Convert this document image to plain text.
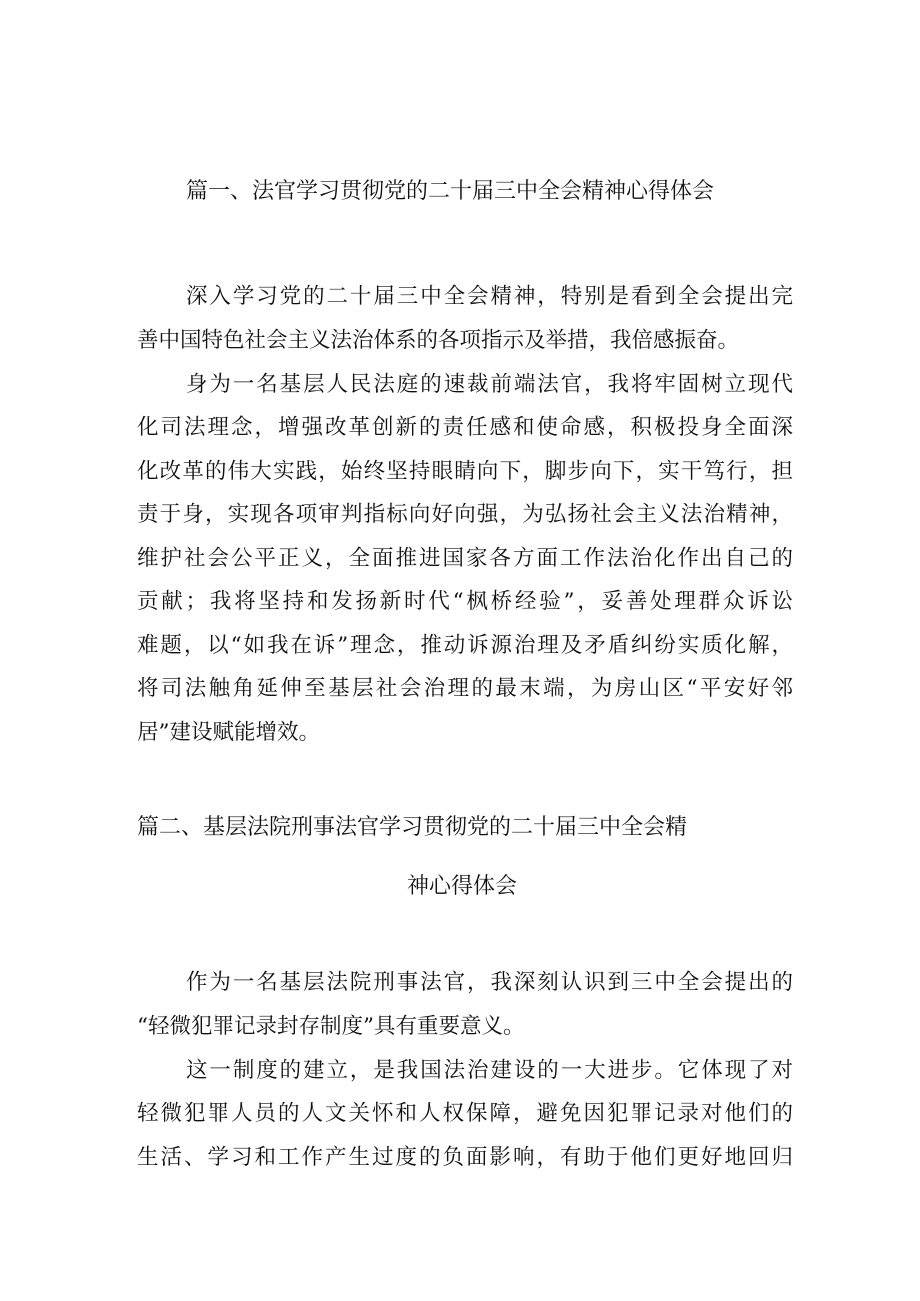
篇一、法官学习贯彻党的二十届三中全会精神心得体会
深入学习党的二十届三中全会精神，特别是看到全会提出完
善中国特色社会主义法治体系的各项指示及举措，我倍感振奋。
身为一名基层人民法庭的速裁前端法官，我将牢固树立现代
化司法理念，增强改革创新的责任感和使命感，积极投身全面深
化改革的伟大实践，始终坚持眼睛向下，脚步向下，实干笃行，担
责于身，实现各项审判指标向好向强，为弘扬社会主义法治精神，
维护社会公平正义，全面推进国家各方面工作法治化作出自己的
贡献；我将坚持和发扬新时代“枫桥经验”，妥善处理群众诉讼
难题，以“如我在诉”理念，推动诉源治理及矛盾纠纷实质化解，
将司法触角延伸至基层社会治理的最末端，为房山区“平安好邻
居”建设赋能增效。
篇二、基层法院刑事法官学习贯彻党的二十届三中全会精
神心得体会
作为一名基层法院刑事法官，我深刻认识到三中全会提出的
“轻微犯罪记录封存制度”具有重要意义。
这一制度的建立，是我国法治建设的一大进步。它体现了对
轻微犯罪人员的人文关怀和人权保障，避免因犯罪记录对他们的
生活、学习和工作产生过度的负面影响，有助于他们更好地回归
